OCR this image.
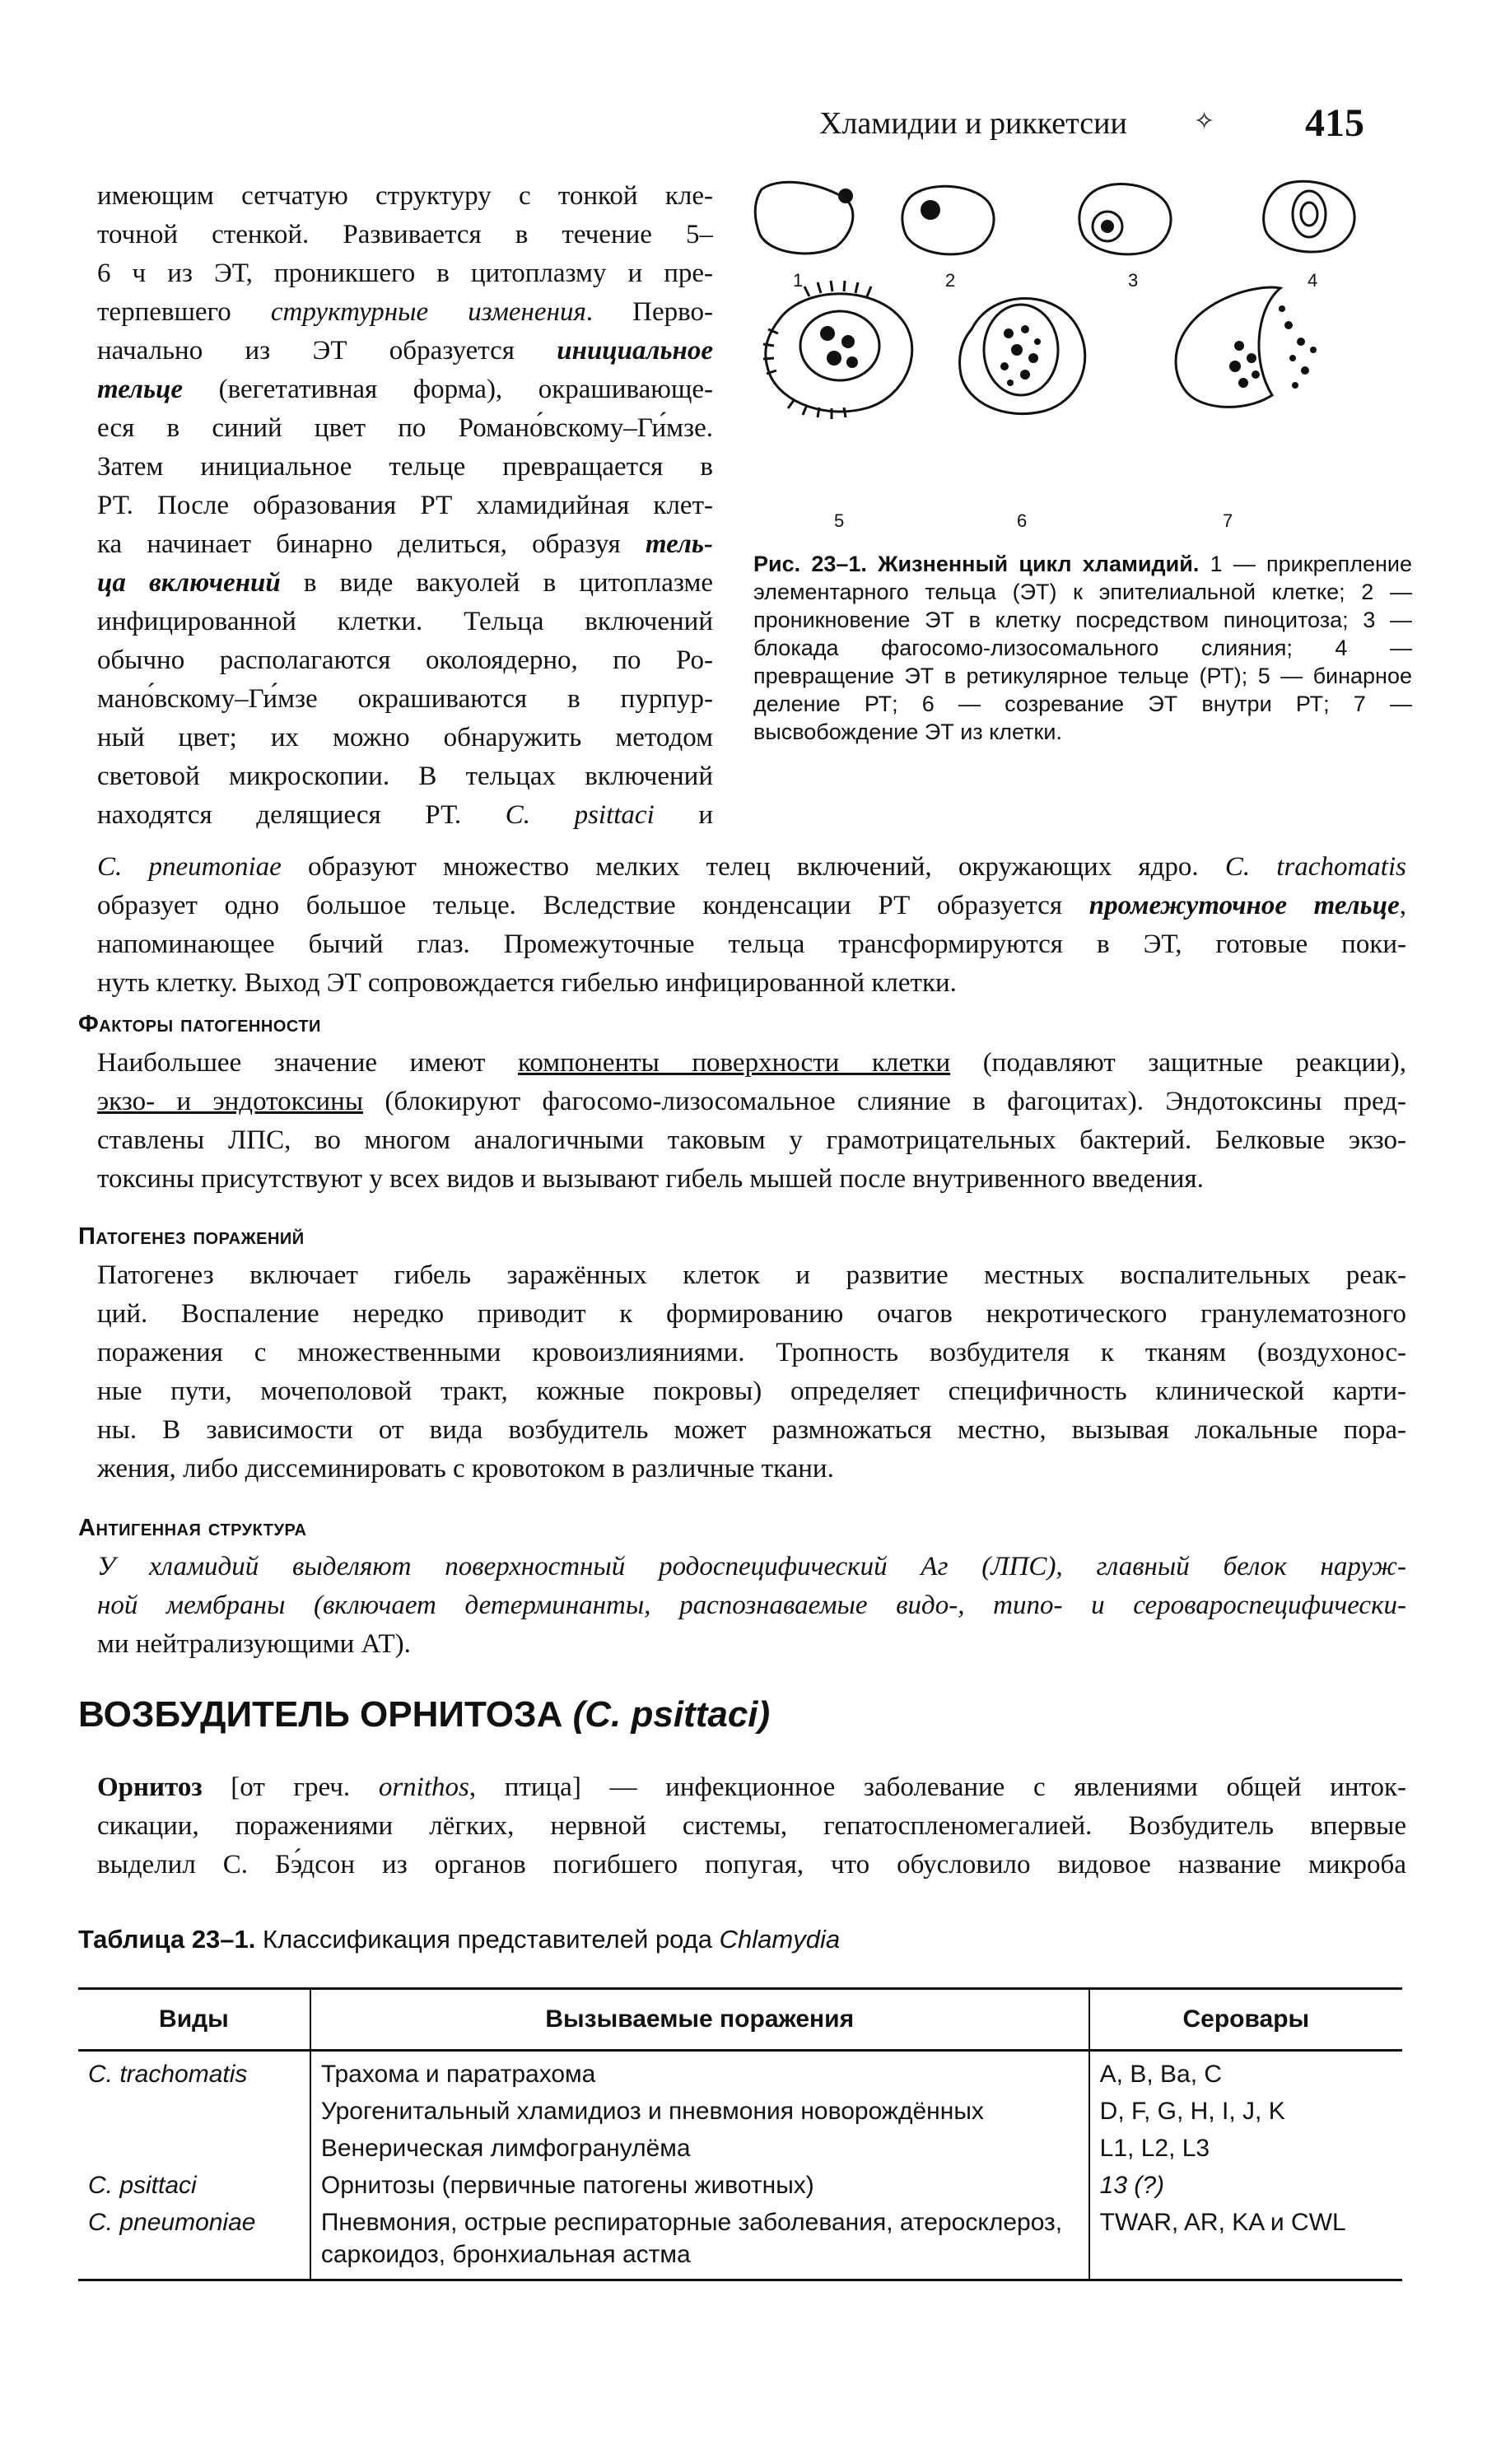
Хламидии и риккетсии	✧ 415
имеющим сетчатую структуру с тонкой кле-
точной стенкой. Развивается в течение 5–
6 ч из ЭТ, проникшего в цитоплазму и пре-
терпевшего структурные изменения. Перво-
начально из ЭТ образуется инициальное
тельце (вегетативная форма), окрашивающе-
еся в синий цвет по Романо́вскому–Ги́мзе.
Затем инициальное тельце превращается в
РТ. После образования РТ хламидийная клет-
ка начинает бинарно делиться, образуя тель-
ца включений в виде вакуолей в цитоплазме
инфицированной клетки. Тельца включений
обычно располагаются околоядерно, по Ро-
мано́вскому–Ги́мзе окрашиваются в пурпур-
ный цвет; их можно обнаружить методом
световой микроскопии. В тельцах включений
находятся делящиеся РТ. C. psittaci и
1	2	3	4
5	6	7
Рис. 23–1. Жизненный цикл хламидий. 1 — прикрепление элементарного тельца (ЭТ) к эпителиальной клетке; 2 — проникновение ЭТ в клетку посредством пиноцитоза; 3 — блокада фагосомо-лизосомального слияния; 4 — превращение ЭТ в ретикулярное тельце (РТ); 5 — бинарное деление РТ; 6 — созревание ЭТ внутри РТ; 7 — высвобождение ЭТ из клетки.
C. pneumoniae образуют множество мелких телец включений, окружающих ядро. C. trachomatis
образует одно большое тельце. Вследствие конденсации РТ образуется промежуточное тельце,
напоминающее бычий глаз. Промежуточные тельца трансформируются в ЭТ, готовые поки-
нуть клетку. Выход ЭТ сопровождается гибелью инфицированной клетки.
Факторы патогенности
Наибольшее значение имеют компоненты поверхности клетки (подавляют защитные реакции),
экзо- и эндотоксины (блокируют фагосомо-лизосомальное слияние в фагоцитах). Эндотоксины пред-
ставлены ЛПС, во многом аналогичными таковым у грамотрицательных бактерий. Белковые экзо-
токсины присутствуют у всех видов и вызывают гибель мышей после внутривенного введения.
Патогенез поражений
Патогенез включает гибель заражённых клеток и развитие местных воспалительных реак-
ций. Воспаление нередко приводит к формированию очагов некротического гранулематозного
поражения с множественными кровоизлияниями. Тропность возбудителя к тканям (воздухонос-
ные пути, мочеполовой тракт, кожные покровы) определяет специфичность клинической карти-
ны. В зависимости от вида возбудитель может размножаться местно, вызывая локальные пора-
жения, либо диссеминировать с кровотоком в различные ткани.
Антигенная структура
У хламидий выделяют поверхностный родоспецифический Аг (ЛПС), главный белок наруж-
ной мембраны (включает детерминанты, распознаваемые видо-, типо- и сероварoспецифически-
ми нейтрализующими АТ).
ВОЗБУДИТЕЛЬ ОРНИТОЗА (C. psittaci)
Орнитоз [от греч. ornithos, птица] — инфекционное заболевание с явлениями общей инток-
сикации, поражениями лёгких, нервной системы, гепатоспленомегалией. Возбудитель впервые
выделил С. Бэ́дсон из органов погибшего попугая, что обусловило видовое название микроба
Таблица 23–1. Классификация представителей рода Chlamydia
Виды	Вызываемые поражения	Серовары
C. trachomatis	Трахома и паратрахома	A, B, Ba, C
	Урогенитальный хламидиоз и пневмония новорождённых	D, F, G, H, I, J, K
	Венерическая лимфогранулёма	L1, L2, L3
C. psittaci	Орнитозы (первичные патогены животных)	13 (?)
C. pneumoniae	Пневмония, острые респираторные заболевания, атеросклероз, саркоидоз, бронхиальная астма	TWAR, AR, KA и CWL
